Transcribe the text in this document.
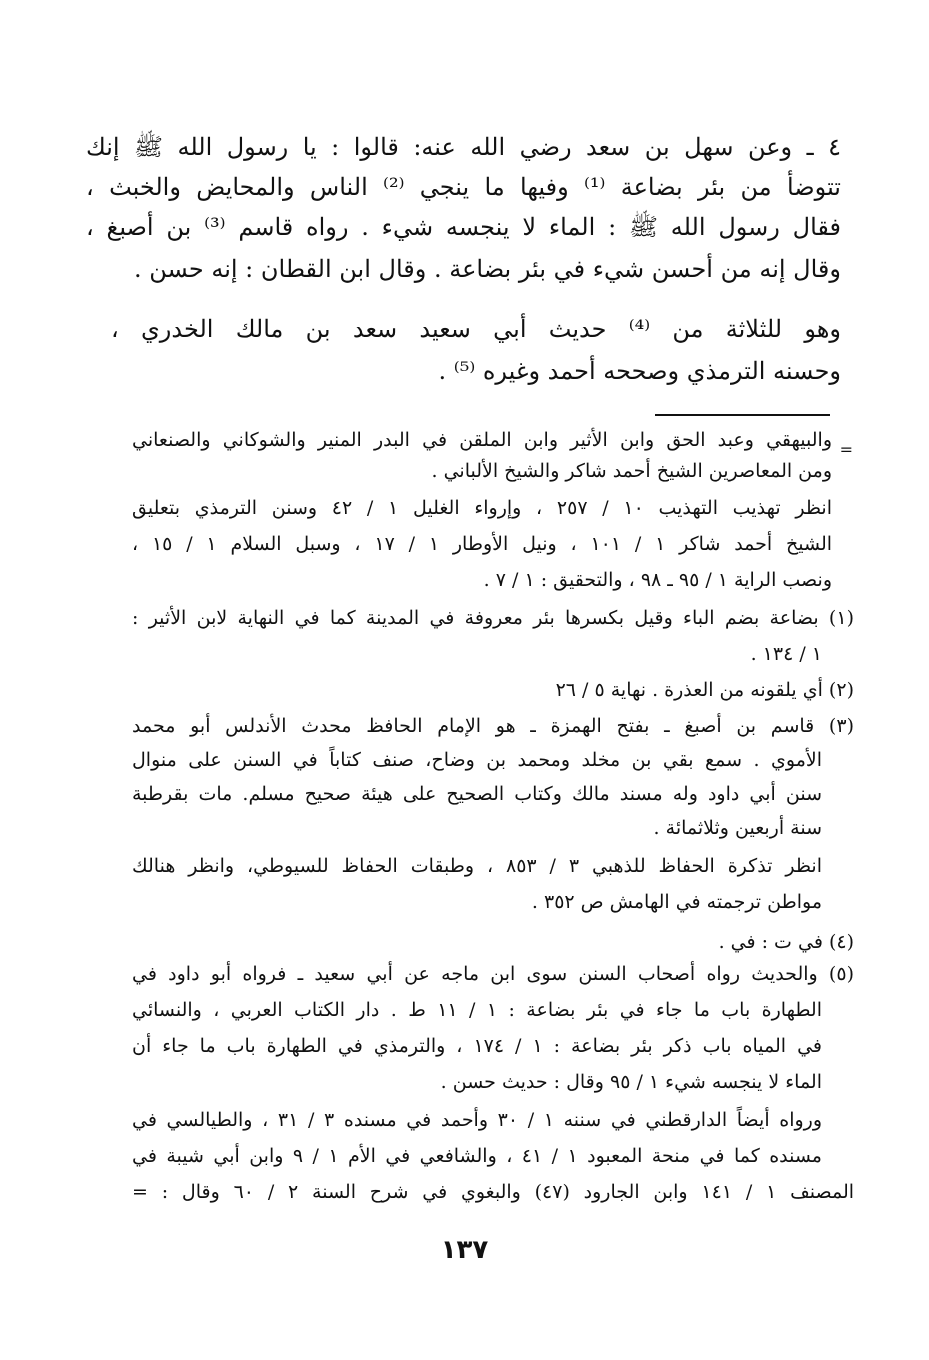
٤ ـ وعن سهل بن سعد رضي الله عنه: قالوا : يا رسول الله ﷺ إنك
تتوضأ من بئر بضاعة ⁽¹⁾ وفيها ما ينجي ⁽²⁾ الناس والمحايض والخبث ،
فقال رسول الله ﷺ : الماء لا ينجسه شيء . رواه قاسم ⁽³⁾ بن أصبغ ،
وقال إنه من أحسن شيء في بئر بضاعة . وقال ابن القطان : إنه حسن .
وهو للثلاثة من ⁽⁴⁾ حديث أبي سعيد سعد بن مالك الخدري ،
وحسنه الترمذي وصححه أحمد وغيره ⁽⁵⁾ .
=
والبيهقي وعبد الحق وابن الأثير وابن الملقن في البدر المنير والشوكاني والصنعاني
ومن المعاصرين الشيخ أحمد شاكر والشيخ الألباني .
انظر تهذيب التهذيب ١٠ / ٢٥٧ ، وإرواء الغليل ١ / ٤٢ وسنن الترمذي بتعليق
الشيخ أحمد شاكر ١ / ١٠١ ، ونيل الأوطار ١ / ١٧ ، وسبل السلام ١ / ١٥ ،
ونصب الراية ١ / ٩٥ ـ ٩٨ ، والتحقيق : ١ / ٧ .
(١) بضاعة بضم الباء وقيل بكسرها بئر معروفة في المدينة كما في النهاية لابن الأثير :
١ / ١٣٤ .
(٢) أي يلقونه من العذرة . نهاية ٥ / ٢٦
(٣) قاسم بن أصبغ ـ بفتح الهمزة ـ هو الإمام الحافظ محدث الأندلس أبو محمد
الأموي . سمع بقي بن مخلد ومحمد بن وضاح، صنف كتاباً في السنن على منوال
سنن أبي داود وله مسند مالك وكتاب الصحيح على هيئة صحيح مسلم. مات بقرطبة
سنة أربعين وثلاثمائة .
انظر تذكرة الحفاظ للذهبي ٣ / ٨٥٣ ، وطبقات الحفاظ للسيوطي، وانظر هنالك
مواطن ترجمته في الهامش ص ٣٥٢ .
(٤) في ت : في .
(٥) والحديث رواه أصحاب السنن سوى ابن ماجه عن أبي سعيد ـ فرواه أبو داود في
الطهارة باب ما جاء في بئر بضاعة : ١ / ١١ ط . دار الكتاب العربي ، والنسائي
في المياه باب ذكر بئر بضاعة : ١ / ١٧٤ ، والترمذي في الطهارة باب ما جاء أن
الماء لا ينجسه شيء ١ / ٩٥ وقال : حديث حسن .
ورواه أيضاً الدارقطني في سننه ١ / ٣٠ وأحمد في مسنده ٣ / ٣١ ، والطيالسي في
مسنده كما في منحة المعبود ١ / ٤١ ، والشافعي في الأم ١ / ٩ وابن أبي شيبة في
المصنف ١ / ١٤١ وابن الجارود (٤٧) والبغوي في شرح السنة ٢ / ٦٠ وقال : =
١٣٧
